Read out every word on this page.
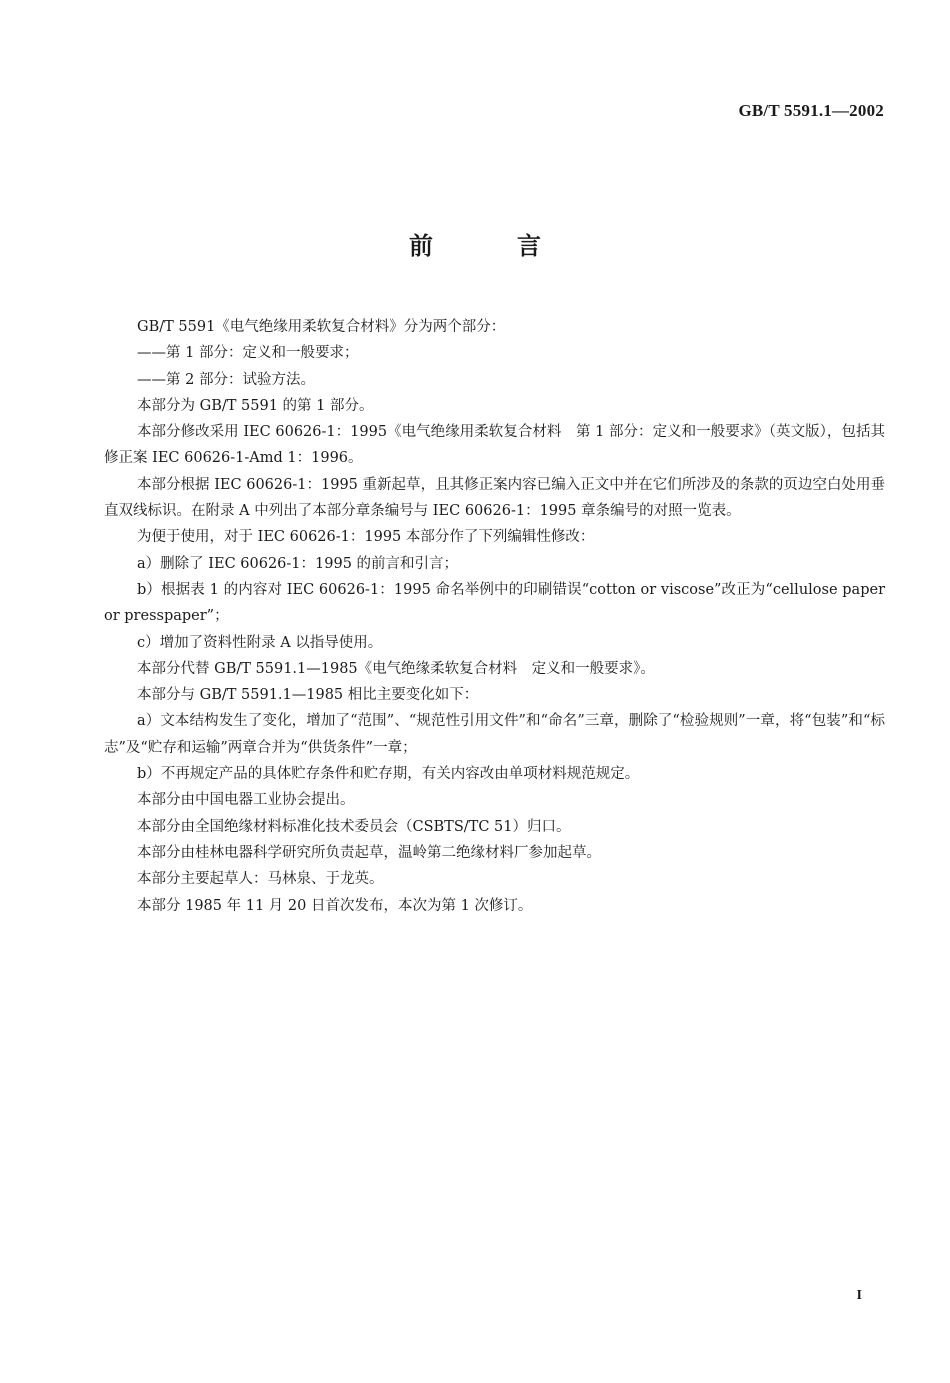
GB/T 5591.1—2002
前言

GB/T 5591《电气绝缘用柔软复合材料》分为两个部分：

——第 1 部分：定义和一般要求；

——第 2 部分：试验方法。

本部分为 GB/T 5591 的第 1 部分。

本部分修改采用 IEC 60626-1：1995《电气绝缘用柔软复合材料　第 1 部分：定义和一般要求》（英文版），包括其修正案 IEC 60626-1-Amd 1：1996。

本部分根据 IEC 60626-1：1995 重新起草，且其修正案内容已编入正文中并在它们所涉及的条款的页边空白处用垂直双线标识。在附录 A 中列出了本部分章条编号与 IEC 60626-1：1995 章条编号的对照一览表。

为便于使用，对于 IEC 60626-1：1995 本部分作了下列编辑性修改：

a）删除了 IEC 60626-1：1995 的前言和引言；

b）根据表 1 的内容对 IEC 60626-1：1995 命名举例中的印刷错误“cotton or viscose”改正为“cellulose paper or presspaper”；

c）增加了资料性附录 A 以指导使用。

本部分代替 GB/T 5591.1—1985《电气绝缘柔软复合材料　定义和一般要求》。

本部分与 GB/T 5591.1—1985 相比主要变化如下：

a）文本结构发生了变化，增加了“范围”、“规范性引用文件”和“命名”三章，删除了“检验规则”一章，将“包装”和“标志”及“贮存和运输”两章合并为“供货条件”一章；

b）不再规定产品的具体贮存条件和贮存期，有关内容改由单项材料规范规定。

本部分由中国电器工业协会提出。

本部分由全国绝缘材料标准化技术委员会（CSBTS/TC 51）归口。

本部分由桂林电器科学研究所负责起草，温岭第二绝缘材料厂参加起草。

本部分主要起草人：马林泉、于龙英。

本部分 1985 年 11 月 20 日首次发布，本次为第 1 次修订。

I
